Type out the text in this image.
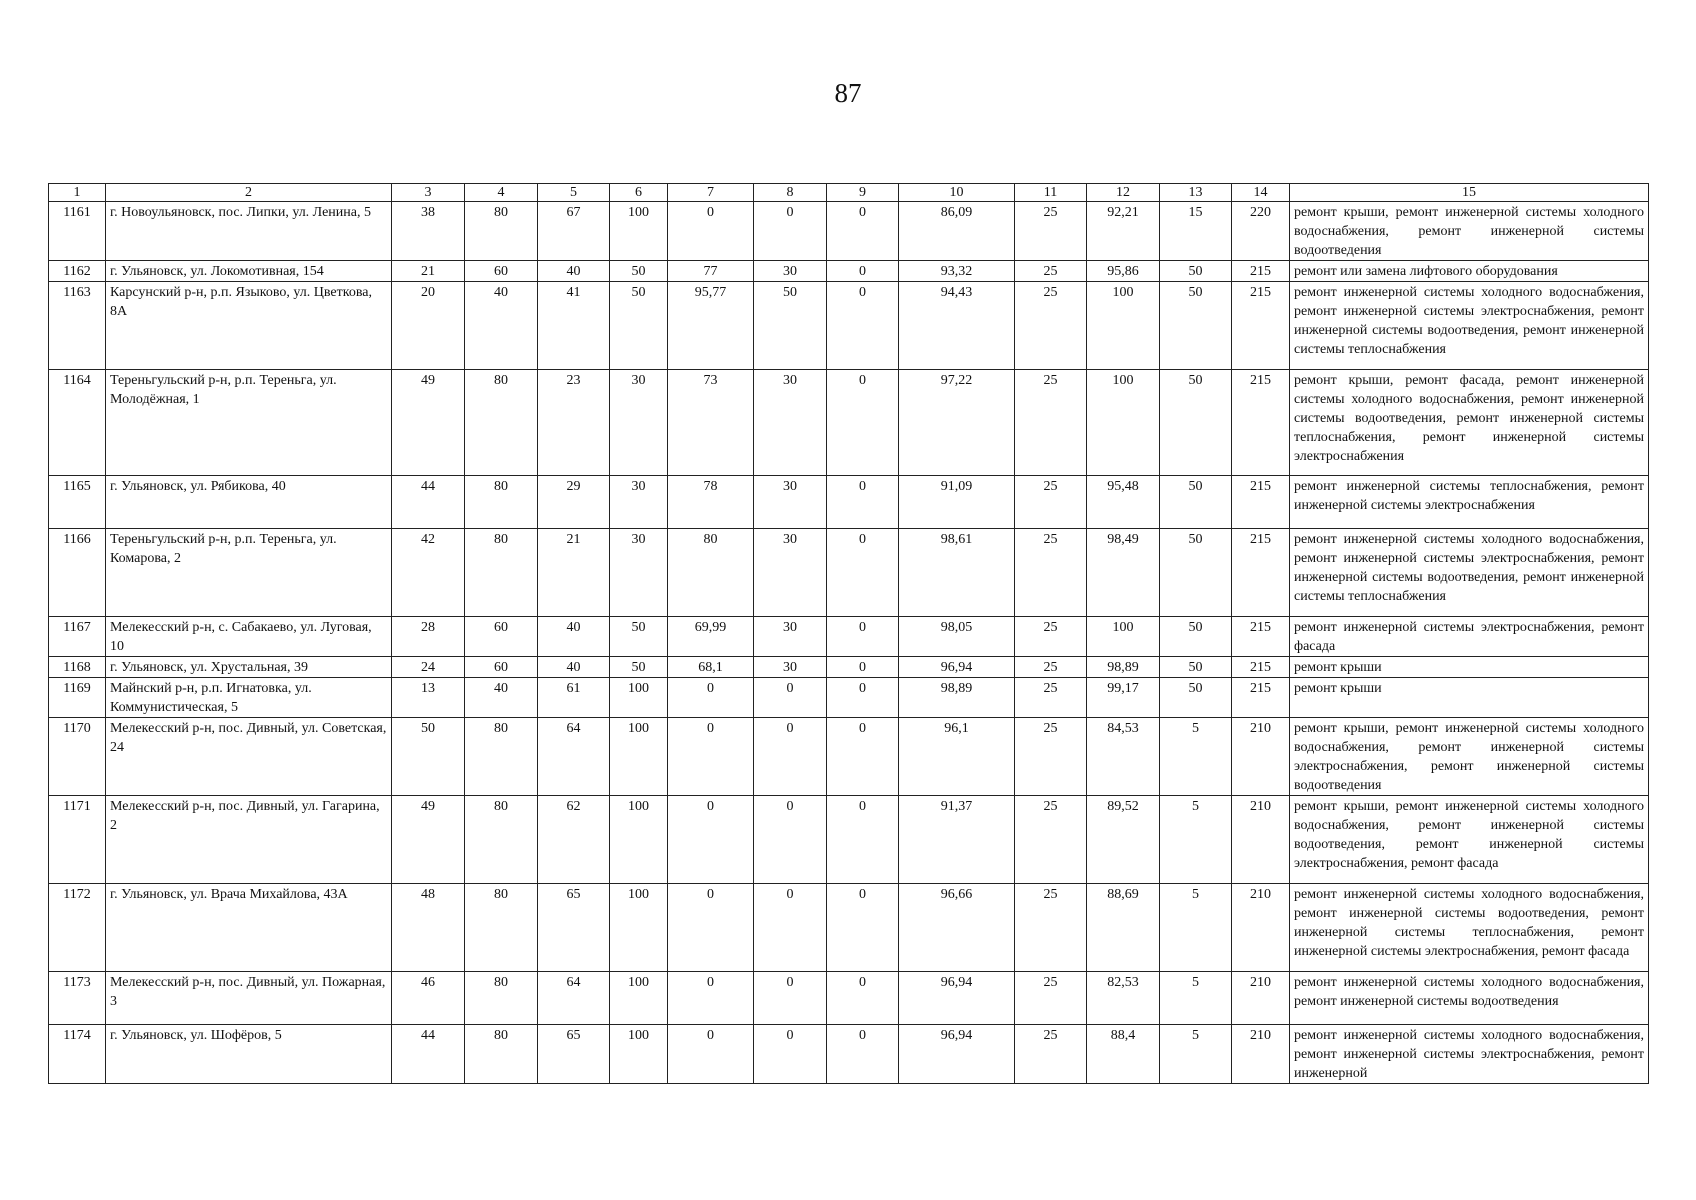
87
1	2	3	4	5	6	7	8	9	10	11	12	13	14	15
1161	г. Новоульяновск, пос. Липки, ул. Ленина, 5	38	80	67	100	0	0	0	86,09	25	92,21	15	220	ремонт крыши, ремонт инженерной системы холодного водоснабжения, ремонт инженерной системы водоотведения
1162	г. Ульяновск, ул. Локомотивная, 154	21	60	40	50	77	30	0	93,32	25	95,86	50	215	ремонт или замена лифтового оборудования
1163	Карсунский р-н, р.п. Языково, ул. Цветкова, 8А	20	40	41	50	95,77	50	0	94,43	25	100	50	215	ремонт инженерной системы холодного водоснабжения, ремонт инженерной системы электроснабжения, ремонт инженерной системы водоотведения, ремонт инженерной системы теплоснабжения
1164	Тереньгульский р-н, р.п. Тереньга, ул. Молодёжная, 1	49	80	23	30	73	30	0	97,22	25	100	50	215	ремонт крыши, ремонт фасада, ремонт инженерной системы холодного водоснабжения, ремонт инженерной системы водоотведения, ремонт инженерной системы теплоснабжения, ремонт инженерной системы электроснабжения
1165	г. Ульяновск, ул. Рябикова, 40	44	80	29	30	78	30	0	91,09	25	95,48	50	215	ремонт инженерной системы теплоснабжения, ремонт инженерной системы электроснабжения
1166	Тереньгульский р-н, р.п. Тереньга, ул. Комарова, 2	42	80	21	30	80	30	0	98,61	25	98,49	50	215	ремонт инженерной системы холодного водоснабжения, ремонт инженерной системы электроснабжения, ремонт инженерной системы водоотведения, ремонт инженерной системы теплоснабжения
1167	Мелекесский р-н, с. Сабакаево, ул. Луговая, 10	28	60	40	50	69,99	30	0	98,05	25	100	50	215	ремонт инженерной системы электроснабжения, ремонт фасада
1168	г. Ульяновск, ул. Хрустальная, 39	24	60	40	50	68,1	30	0	96,94	25	98,89	50	215	ремонт крыши
1169	Майнский р-н, р.п. Игнатовка, ул. Коммунистическая, 5	13	40	61	100	0	0	0	98,89	25	99,17	50	215	ремонт крыши
1170	Мелекесский р-н, пос. Дивный, ул. Советская, 24	50	80	64	100	0	0	0	96,1	25	84,53	5	210	ремонт крыши, ремонт инженерной системы холодного водоснабжения, ремонт инженерной системы электроснабжения, ремонт инженерной системы водоотведения
1171	Мелекесский р-н, пос. Дивный, ул. Гагарина, 2	49	80	62	100	0	0	0	91,37	25	89,52	5	210	ремонт крыши, ремонт инженерной системы холодного водоснабжения, ремонт инженерной системы водоотведения, ремонт инженерной системы электроснабжения, ремонт фасада
1172	г. Ульяновск, ул. Врача Михайлова, 43А	48	80	65	100	0	0	0	96,66	25	88,69	5	210	ремонт инженерной системы холодного водоснабжения, ремонт инженерной системы водоотведения, ремонт инженерной системы теплоснабжения, ремонт инженерной системы электроснабжения, ремонт фасада
1173	Мелекесский р-н, пос. Дивный, ул. Пожарная, 3	46	80	64	100	0	0	0	96,94	25	82,53	5	210	ремонт инженерной системы холодного водоснабжения, ремонт инженерной системы водоотведения
1174	г. Ульяновск, ул. Шофёров, 5	44	80	65	100	0	0	0	96,94	25	88,4	5	210	ремонт инженерной системы холодного водоснабжения, ремонт инженерной системы электроснабжения, ремонт инженерной
